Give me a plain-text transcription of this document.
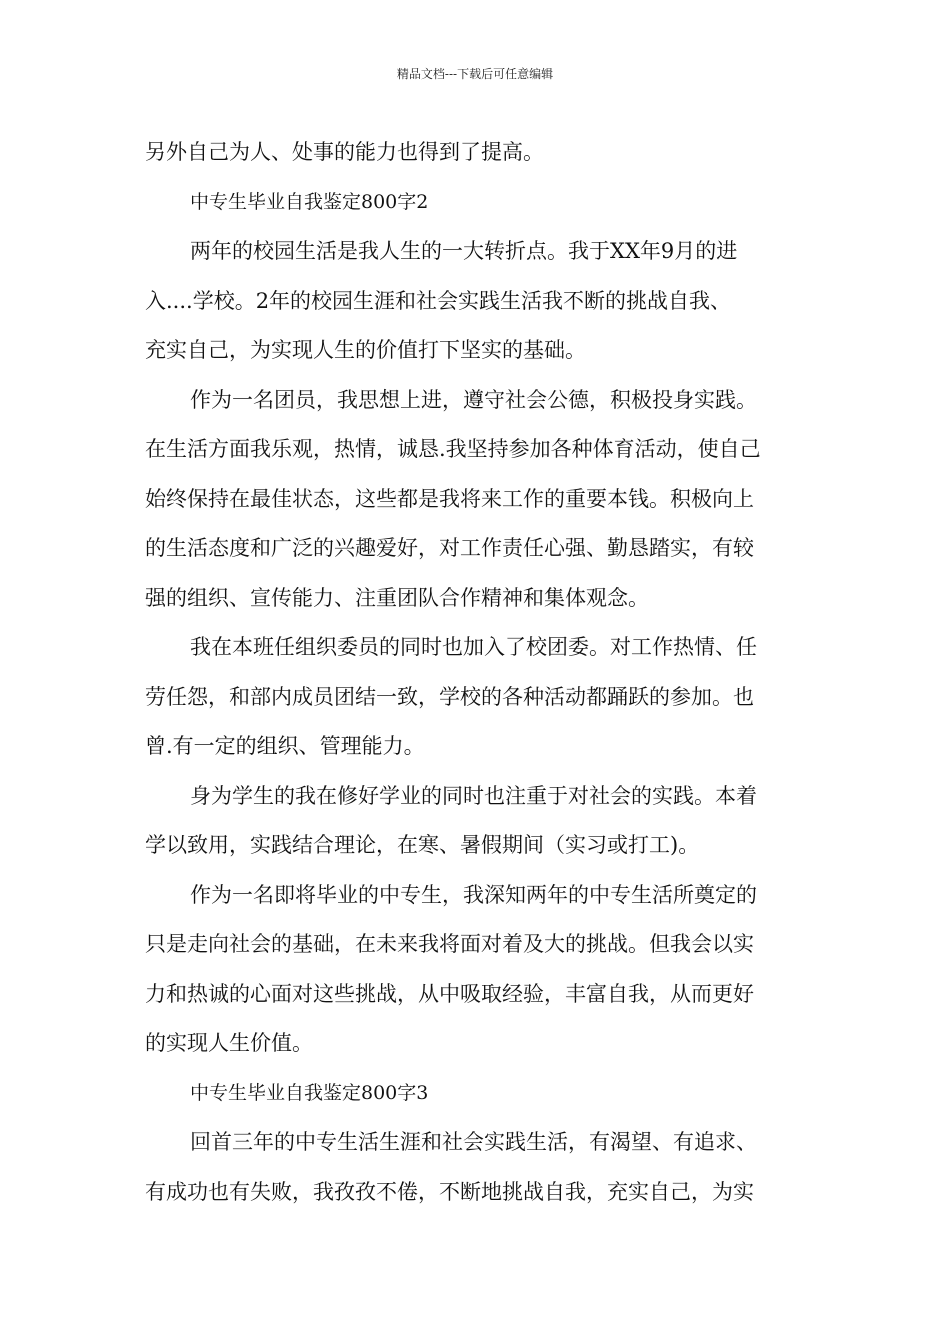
精品文档---下载后可任意编辑
另外自己为人、处事的能力也得到了提高。
中专生毕业自我鉴定800字2
两年的校园生活是我人生的一大转折点。我于XX年9月的进
入....学校。2年的校园生涯和社会实践生活我不断的挑战自我、
充实自己，为实现人生的价值打下坚实的基础。
作为一名团员，我思想上进，遵守社会公德，积极投身实践。
在生活方面我乐观，热情，诚恳.我坚持参加各种体育活动，使自己
始终保持在最佳状态，这些都是我将来工作的重要本钱。积极向上
的生活态度和广泛的兴趣爱好，对工作责任心强、勤恳踏实，有较
强的组织、宣传能力、注重团队合作精神和集体观念。
我在本班任组织委员的同时也加入了校团委。对工作热情、任
劳任怨，和部内成员团结一致，学校的各种活动都踊跃的参加。也
曾.有一定的组织、管理能力。
身为学生的我在修好学业的同时也注重于对社会的实践。本着
学以致用，实践结合理论，在寒、暑假期间（实习或打工)。
作为一名即将毕业的中专生，我深知两年的中专生活所奠定的
只是走向社会的基础，在未来我将面对着及大的挑战。但我会以实
力和热诚的心面对这些挑战，从中吸取经验，丰富自我，从而更好
的实现人生价值。
中专生毕业自我鉴定800字3
回首三年的中专生活生涯和社会实践生活，有渴望、有追求、
有成功也有失败，我孜孜不倦，不断地挑战自我，充实自己，为实
